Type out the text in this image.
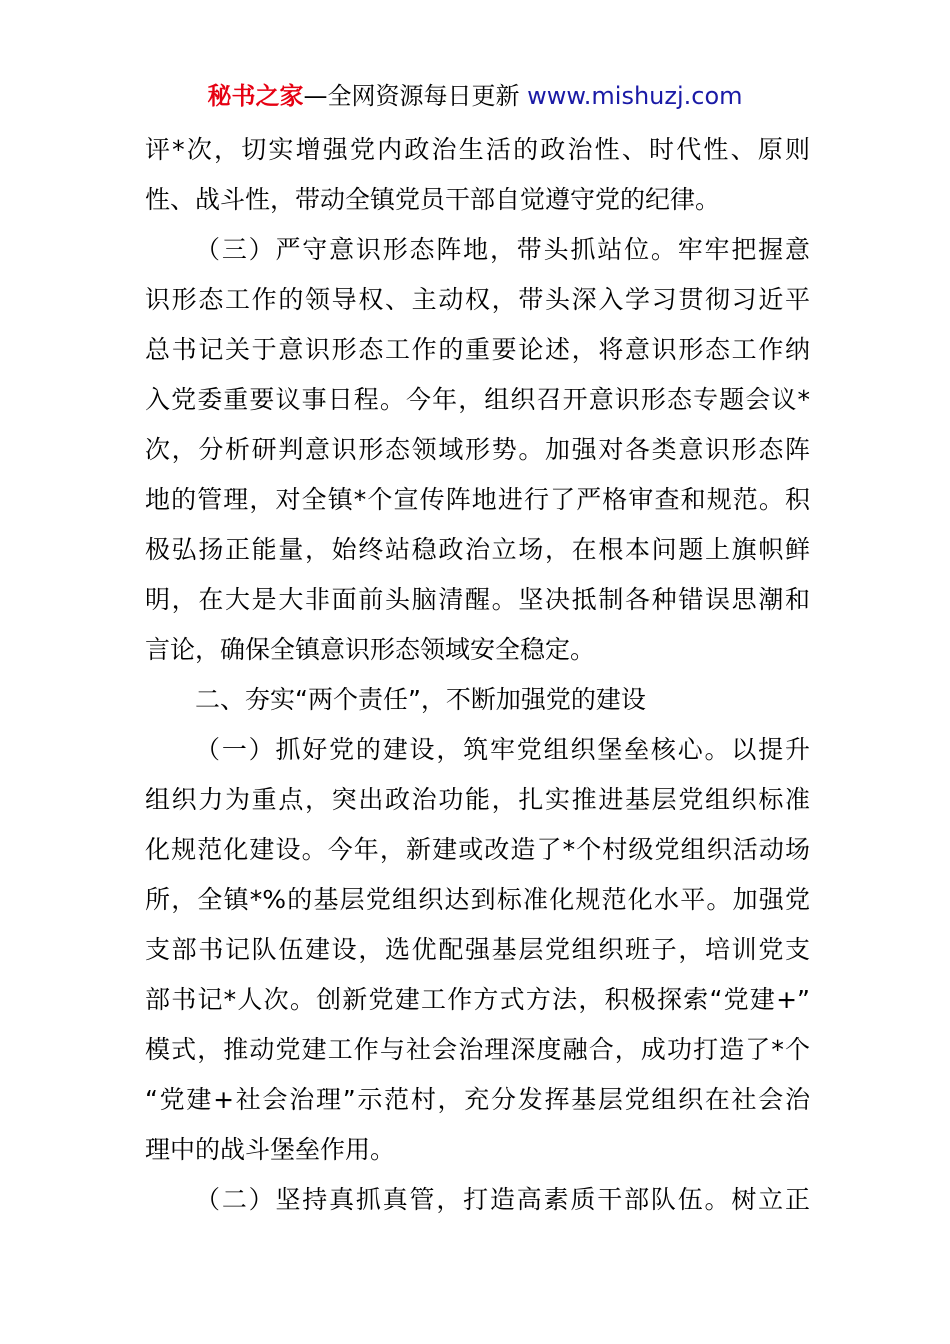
秘书之家—全网资源每日更新 www.mishuzj.com
评*次，切实增强党内政治生活的政治性、时代性、原则
性、战斗性，带动全镇党员干部自觉遵守党的纪律。
（三）严守意识形态阵地，带头抓站位。牢牢把握意
识形态工作的领导权、主动权，带头深入学习贯彻习近平
总书记关于意识形态工作的重要论述，将意识形态工作纳
入党委重要议事日程。今年，组织召开意识形态专题会议*
次，分析研判意识形态领域形势。加强对各类意识形态阵
地的管理，对全镇*个宣传阵地进行了严格审查和规范。积
极弘扬正能量，始终站稳政治立场，在根本问题上旗帜鲜
明，在大是大非面前头脑清醒。坚决抵制各种错误思潮和
言论，确保全镇意识形态领域安全稳定。
二、夯实“两个责任”，不断加强党的建设
（一）抓好党的建设，筑牢党组织堡垒核心。以提升
组织力为重点，突出政治功能，扎实推进基层党组织标准
化规范化建设。今年，新建或改造了*个村级党组织活动场
所，全镇*%的基层党组织达到标准化规范化水平。加强党
支部书记队伍建设，选优配强基层党组织班子，培训党支
部书记*人次。创新党建工作方式方法，积极探索“党建+”
模式，推动党建工作与社会治理深度融合，成功打造了*个
“党建+社会治理”示范村，充分发挥基层党组织在社会治
理中的战斗堡垒作用。
（二）坚持真抓真管，打造高素质干部队伍。树立正
